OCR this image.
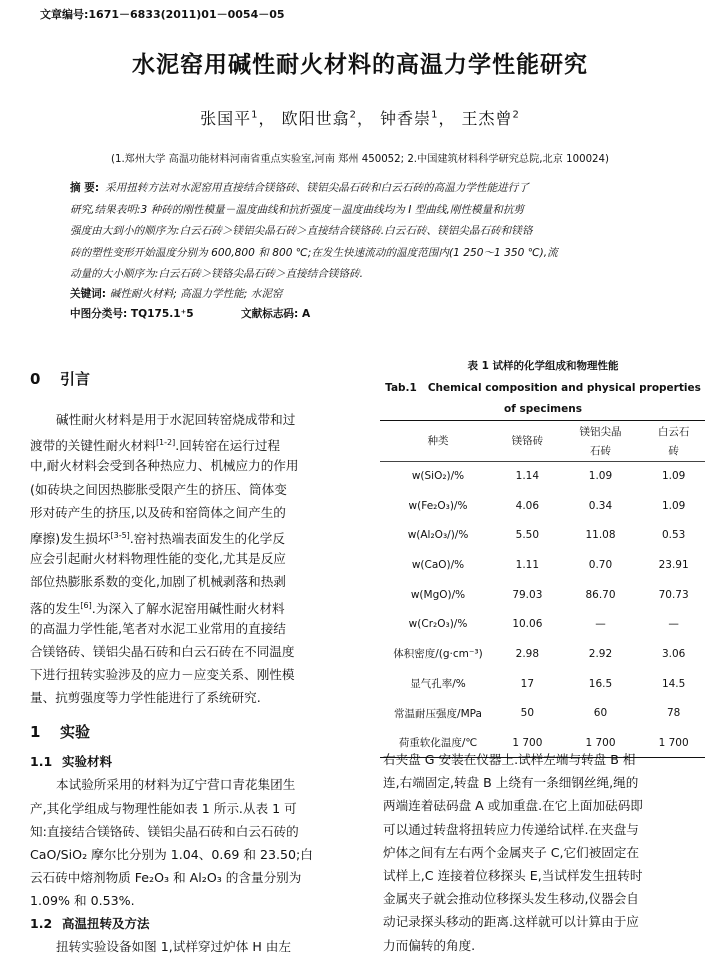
文章编号:1671－6833(2011)01－0054－05
水泥窑用碱性耐火材料的高温力学性能研究
张国平$^1$， 欧阳世翕$^2$， 钟香崇$^1$， 王杰曾$^2$
(1.郑州大学 高温功能材料河南省重点实验室,河南 郑州 450052; 2.中国建筑材料科学研究总院,北京 100024)
摘 要: 采用扭转方法对水泥窑用直接结合镁铬砖、镁铝尖晶石砖和白云石砖的高温力学性能进行了
研究,结果表明:3 种砖的刚性模量－温度曲线和抗折强度－温度曲线均为 I 型曲线,刚性模量和抗剪
强度由大到小的顺序为:白云石砖＞镁铝尖晶石砖＞直接结合镁铬砖.白云石砖、镁铝尖晶石砖和镁铬
砖的塑性变形开始温度分别为 600,800 和 800 ℃;在发生快速流动的温度范围内(1 250～1 350 ℃),流
动量的大小顺序为:白云石砖＞镁铬尖晶石砖＞直接结合镁铬砖.
关键词: 碱性耐火材料; 高温力学性能; 水泥窑
中图分类号: TQ175.1⁺5	文献标志码: A
0 引言
碱性耐火材料是用于水泥回转窑烧成带和过
渡带的关键性耐火材料[1-2].回转窑在运行过程
中,耐火材料会受到各种热应力、机械应力的作用
(如砖块之间因热膨胀受限产生的挤压、筒体变
形对砖产生的挤压,以及砖和窑筒体之间产生的
摩擦)发生损坏[3-5].窑衬热端表面发生的化学反
应会引起耐火材料物理性能的变化,尤其是反应
部位热膨胀系数的变化,加剧了机械剥落和热剥
落的发生[6].为深入了解水泥窑用碱性耐火材料
的高温力学性能,笔者对水泥工业常用的直接结
合镁铬砖、镁铝尖晶石砖和白云石砖在不同温度
下进行扭转实验涉及的应力－应变关系、刚性模
量、抗剪强度等力学性能进行了系统研究.
1 实验
1.1 实验材料
本试验所采用的材料为辽宁营口青花集团生
产,其化学组成与物理性能如表 1 所示.从表 1 可
知:直接结合镁铬砖、镁铝尖晶石砖和白云石砖的
CaO/SiO₂ 摩尔比分别为 1.04、0.69 和 23.50;白
云石砖中熔剂物质 Fe₂O₃ 和 Al₂O₃ 的含量分别为
1.09% 和 0.53%.
1.2 高温扭转及方法
扭转实验设备如图 1,试样穿过炉体 H 由左
表 1 试样的化学组成和物理性能
Tab.1 Chemical composition and physical properties
of specimens
种类	镁铬砖	镁铝尖晶	白云石
		石砖	砖
w(SiO₂)/%	1.14	1.09	1.09
w(Fe₂O₃)/%	4.06	0.34	1.09
w(Al₂O₃/)/%	5.50	11.08	0.53
w(CaO)/%	1.11	0.70	23.91
w(MgO)/%	79.03	86.70	70.73
w(Cr₂O₃)/%	10.06	—	—
体积密度/(g·cm⁻³)	2.98	2.92	3.06
显气孔率/%	17	16.5	14.5
常温耐压强度/MPa	50	60	78
荷重软化温度/℃	1 700	1 700	1 700
右夹盘 G 安装在仪器上.试样左端与转盘 B 相
连,右端固定,转盘 B 上绕有一条细钢丝绳,绳的
两端连着砝码盘 A 或加重盘.在它上面加砝码即
可以通过转盘将扭转应力传递给试样.在夹盘与
炉体之间有左右两个金属夹子 C,它们被固定在
试样上,C 连接着位移探头 E,当试样发生扭转时
金属夹子就会推动位移探头发生移动,仪器会自
动记录探头移动的距离.这样就可以计算由于应
力而偏转的角度.
